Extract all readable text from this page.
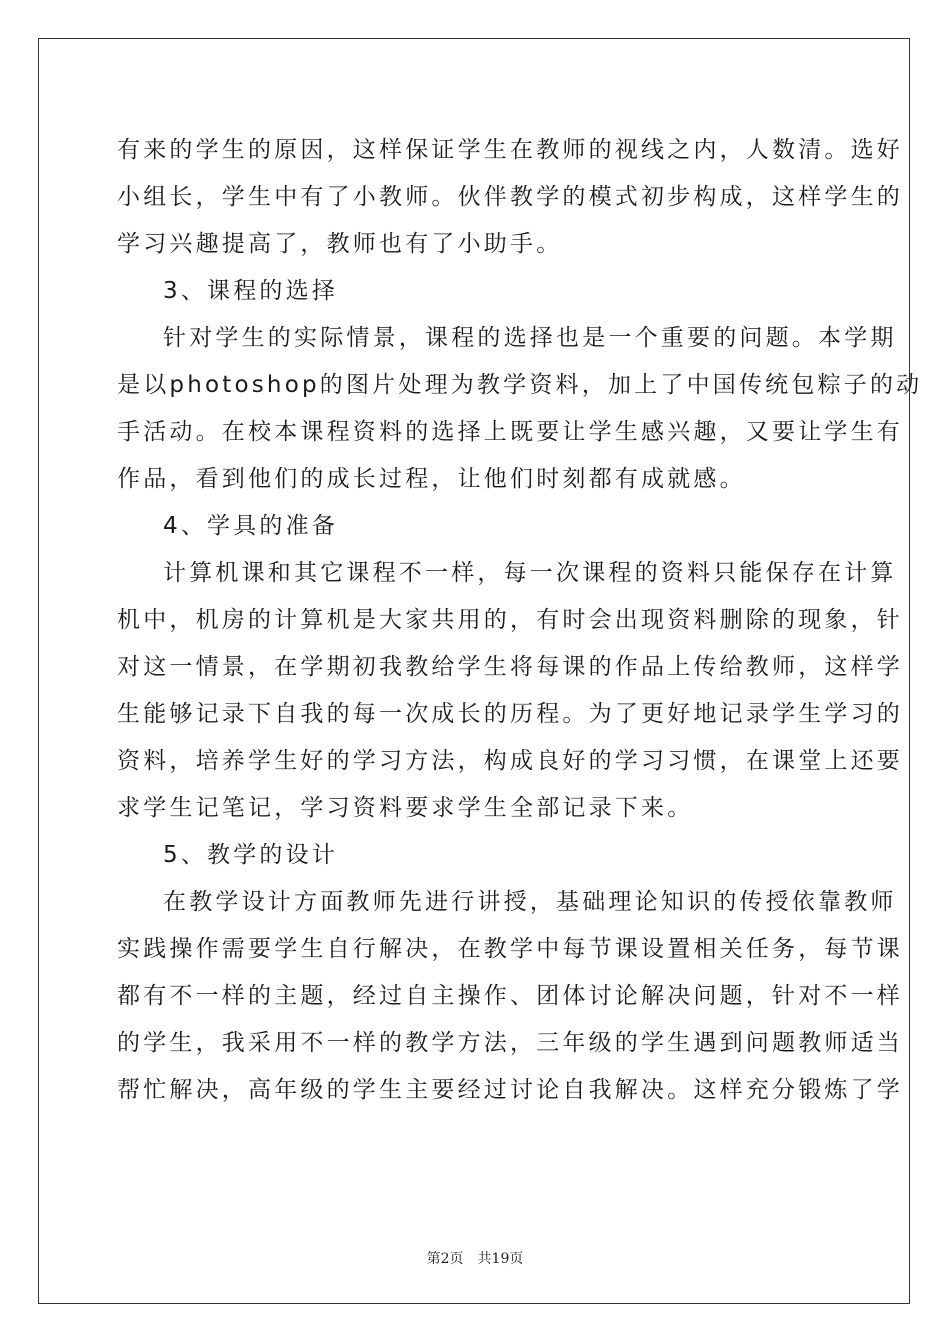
有来的学生的原因，这样保证学生在教师的视线之内，人数清。选好
小组长，学生中有了小教师。伙伴教学的模式初步构成，这样学生的
学习兴趣提高了，教师也有了小助手。

3、课程的选择

针对学生的实际情景，课程的选择也是一个重要的问题。本学期
是以photoshop的图片处理为教学资料，加上了中国传统包粽子的动
手活动。在校本课程资料的选择上既要让学生感兴趣，又要让学生有
作品，看到他们的成长过程，让他们时刻都有成就感。

4、学具的准备

计算机课和其它课程不一样，每一次课程的资料只能保存在计算
机中，机房的计算机是大家共用的，有时会出现资料删除的现象，针
对这一情景，在学期初我教给学生将每课的作品上传给教师，这样学
生能够记录下自我的每一次成长的历程。为了更好地记录学生学习的
资料，培养学生好的学习方法，构成良好的学习习惯，在课堂上还要
求学生记笔记，学习资料要求学生全部记录下来。

5、教学的设计

在教学设计方面教师先进行讲授，基础理论知识的传授依靠教师
实践操作需要学生自行解决，在教学中每节课设置相关任务，每节课
都有不一样的主题，经过自主操作、团体讨论解决问题，针对不一样
的学生，我采用不一样的教学方法，三年级的学生遇到问题教师适当
帮忙解决，高年级的学生主要经过讨论自我解决。这样充分锻炼了学

第2页 共19页
